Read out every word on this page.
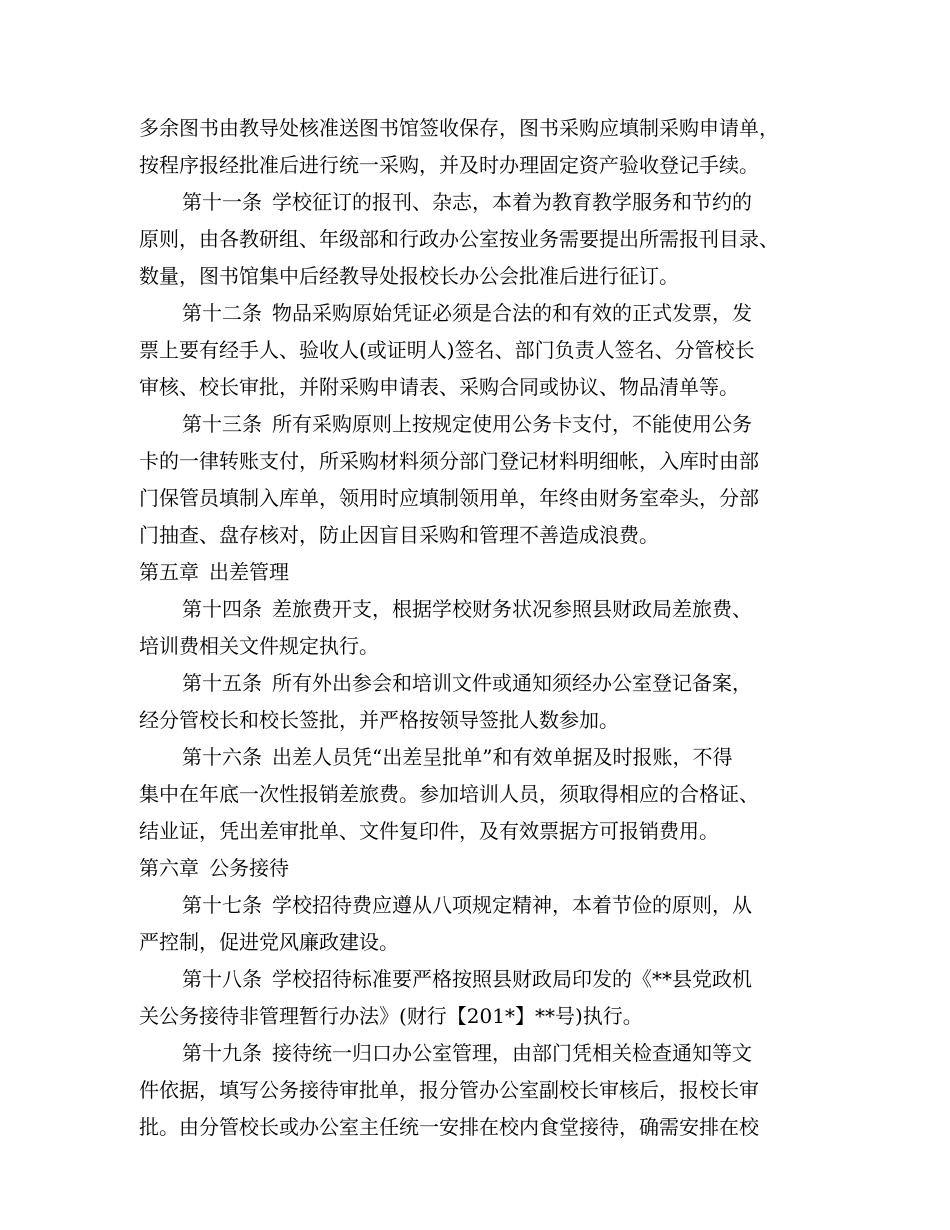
多余图书由教导处核准送图书馆签收保存，图书采购应填制采购申请单，
按程序报经批准后进行统一采购，并及时办理固定资产验收登记手续。
第十一条 学校征订的报刊、杂志，本着为教育教学服务和节约的
原则，由各教研组、年级部和行政办公室按业务需要提出所需报刊目录、
数量，图书馆集中后经教导处报校长办公会批准后进行征订。
第十二条 物品采购原始凭证必须是合法的和有效的正式发票，发
票上要有经手人、验收人(或证明人)签名、部门负责人签名、分管校长
审核、校长审批，并附采购申请表、采购合同或协议、物品清单等。
第十三条 所有采购原则上按规定使用公务卡支付，不能使用公务
卡的一律转账支付，所采购材料须分部门登记材料明细帐，入库时由部
门保管员填制入库单，领用时应填制领用单，年终由财务室牵头，分部
门抽查、盘存核对，防止因盲目采购和管理不善造成浪费。
第五章 出差管理
第十四条 差旅费开支，根据学校财务状况参照县财政局差旅费、
培训费相关文件规定执行。
第十五条 所有外出参会和培训文件或通知须经办公室登记备案，
经分管校长和校长签批，并严格按领导签批人数参加。
第十六条 出差人员凭“出差呈批单”和有效单据及时报账，不得
集中在年底一次性报销差旅费。参加培训人员，须取得相应的合格证、
结业证，凭出差审批单、文件复印件，及有效票据方可报销费用。
第六章 公务接待
第十七条 学校招待费应遵从八项规定精神，本着节俭的原则，从
严控制，促进党风廉政建设。
第十八条 学校招待标准要严格按照县财政局印发的《**县党政机
关公务接待非管理暂行办法》(财行【201*】**号)执行。
第十九条 接待统一归口办公室管理，由部门凭相关检查通知等文
件依据，填写公务接待审批单，报分管办公室副校长审核后，报校长审
批。由分管校长或办公室主任统一安排在校内食堂接待，确需安排在校
